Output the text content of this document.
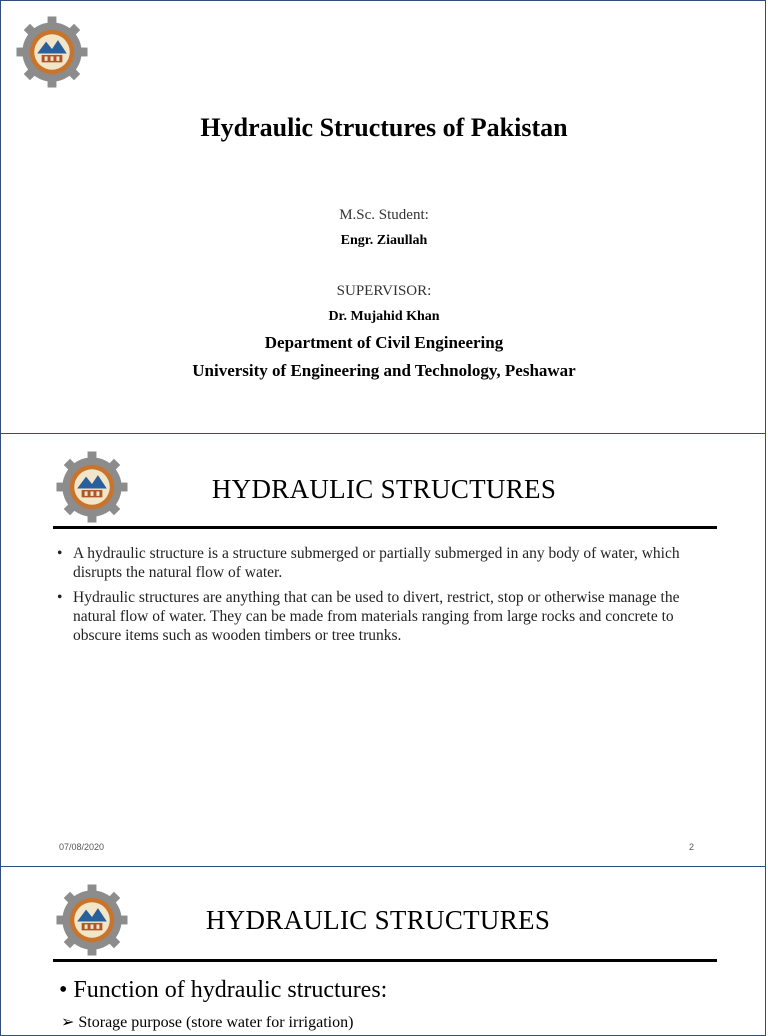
Hydraulic Structures of Pakistan
M.Sc. Student:
Engr. Ziaullah
SUPERVISOR:
Dr. Mujahid Khan
Department of Civil Engineering
University of Engineering and Technology, Peshawar
HYDRAULIC STRUCTURES
• A hydraulic structure is a structure submerged or partially submerged in any body of water, which disrupts the natural flow of water.
• Hydraulic structures are anything that can be used to divert, restrict, stop or otherwise manage the natural flow of water. They can be made from materials ranging from large rocks and concrete to obscure items such as wooden timbers or tree trunks.
07/08/2020	2
HYDRAULIC STRUCTURES
• Function of hydraulic structures:
➢ Storage purpose (store water for irrigation)
